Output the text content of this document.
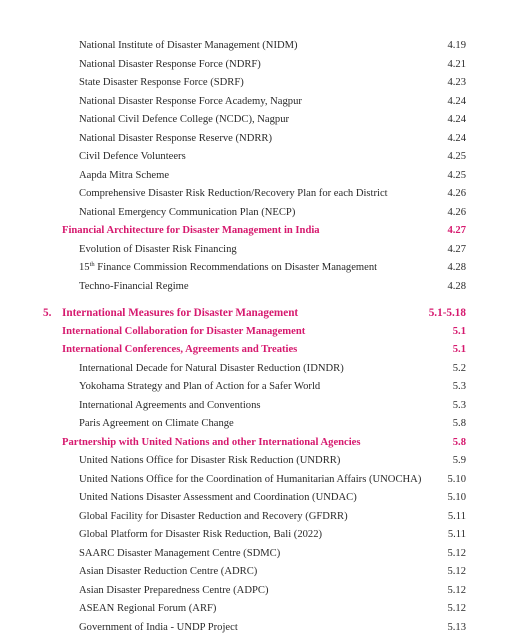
National Institute of Disaster Management (NIDM)	4.19
National Disaster Response Force (NDRF)	4.21
State Disaster Response Force (SDRF)	4.23
National Disaster Response Force Academy, Nagpur	4.24
National Civil Defence College (NCDC), Nagpur	4.24
National Disaster Response Reserve (NDRR)	4.24
Civil Defence Volunteers	4.25
Aapda Mitra Scheme	4.25
Comprehensive Disaster Risk Reduction/Recovery Plan for each District	4.26
National Emergency Communication Plan (NECP)	4.26
Financial Architecture for Disaster Management in India	4.27
Evolution of Disaster Risk Financing	4.27
15th Finance Commission Recommendations on Disaster Management	4.28
Techno-Financial Regime	4.28
5. International Measures for Disaster Management	5.1-5.18
International Collaboration for Disaster Management	5.1
International Conferences, Agreements and Treaties	5.1
International Decade for Natural Disaster Reduction (IDNDR)	5.2
Yokohama Strategy and Plan of Action for a Safer World	5.3
International Agreements and Conventions	5.3
Paris Agreement on Climate Change	5.8
Partnership with United Nations and other International Agencies	5.8
United Nations Office for Disaster Risk Reduction (UNDRR)	5.9
United Nations Office for the Coordination of Humanitarian Affairs (UNOCHA) 5.10
United Nations Disaster Assessment and Coordination (UNDAC)	5.10
Global Facility for Disaster Reduction and Recovery (GFDRR)	5.11
Global Platform for Disaster Risk Reduction, Bali (2022)	5.11
SAARC Disaster Management Centre (SDMC)	5.12
Asian Disaster Reduction Centre (ADRC)	5.12
Asian Disaster Preparedness Centre (ADPC)	5.12
ASEAN Regional Forum (ARF)	5.12
Government of India - UNDP Project	5.13
